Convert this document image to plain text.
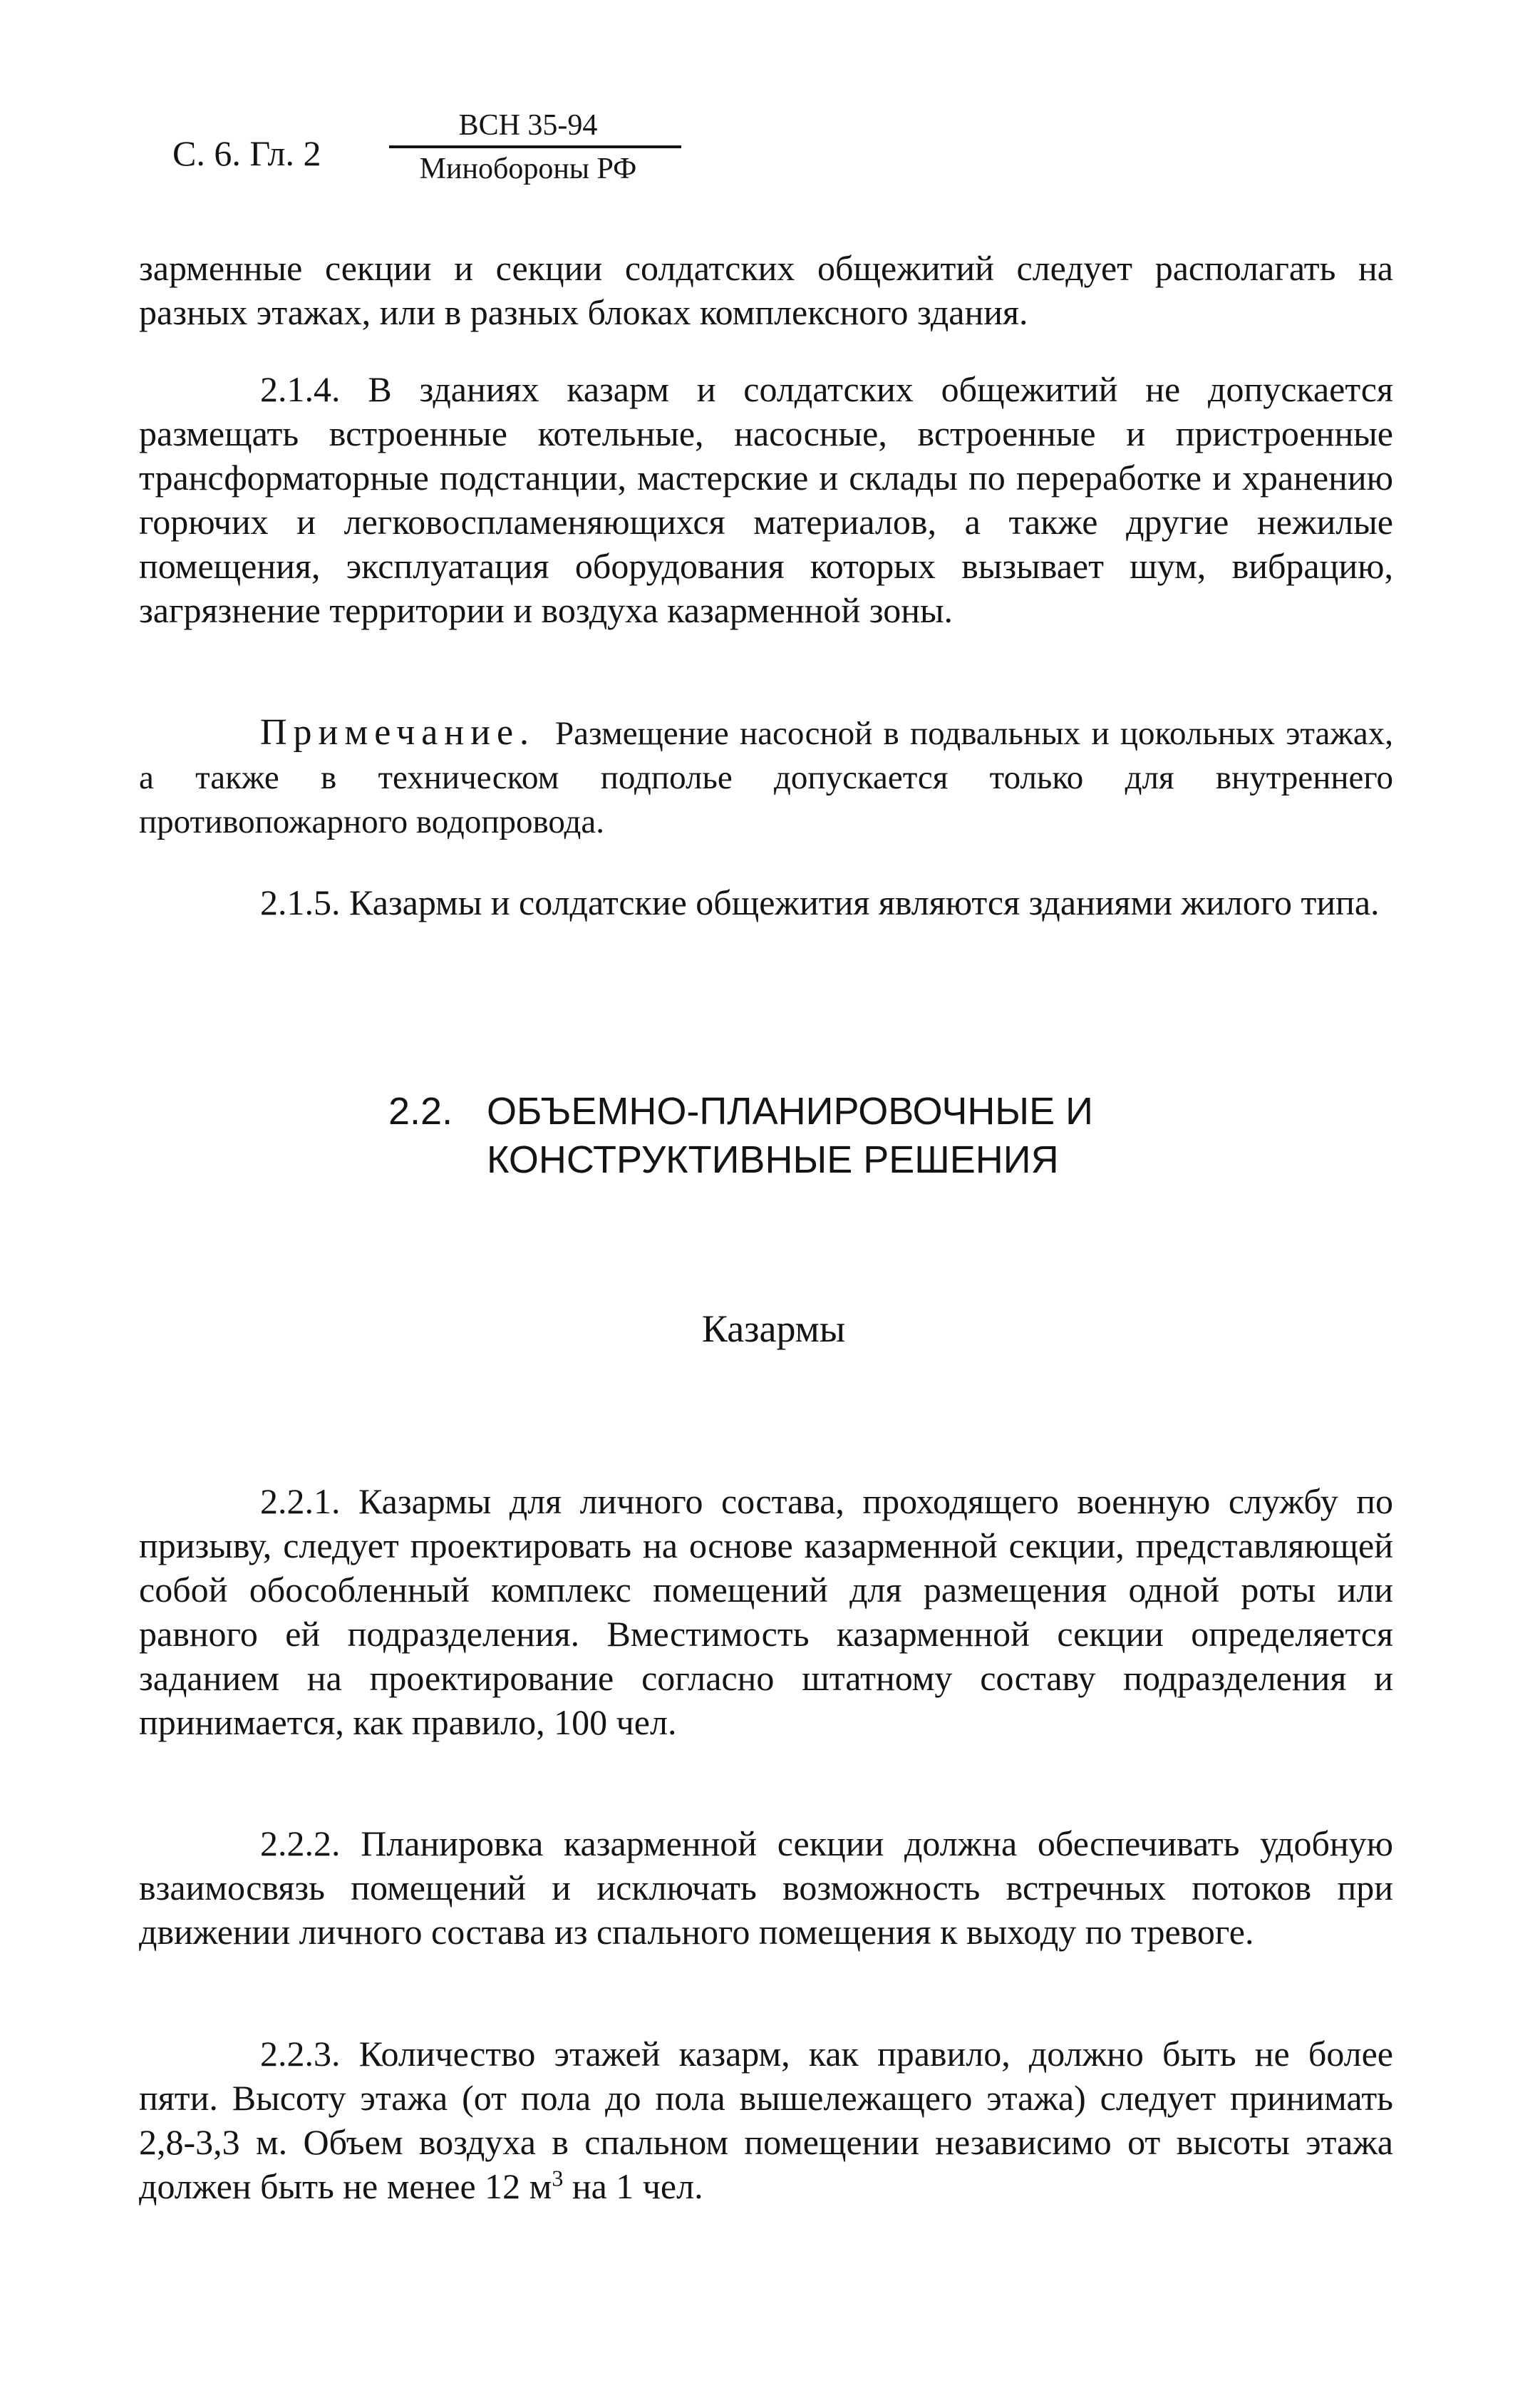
С. 6. Гл. 2
ВСН 35-94
Минобороны РФ

зарменные секции и секции солдатских общежитий следует располагать на разных этажах, или в разных блоках комплексного здания.

2.1.4. В зданиях казарм и солдатских общежитий не допускается размещать встроенные котельные, насосные, встроенные и пристроенные трансформаторные подстанции, мастерские и склады по переработке и хранению горючих и легковоспламеняющихся материалов, а также другие нежилые помещения, эксплуатация оборудования которых вызывает шум, вибрацию, загрязнение территории и воздуха казарменной зоны.

Примечание. Размещение насосной в подвальных и цокольных этажах, а также в техническом подполье допускается только для внутреннего противопожарного водопровода.

2.1.5. Казармы и солдатские общежития являются зданиями жилого типа.

2.2. ОБЪЕМНО-ПЛАНИРОВОЧНЫЕ И
КОНСТРУКТИВНЫЕ РЕШЕНИЯ
Казармы

2.2.1. Казармы для личного состава, проходящего военную службу по призыву, следует проектировать на основе казарменной секции, представляющей собой обособленный комплекс помещений для размещения одной роты или равного ей подразделения. Вместимость казарменной секции определяется заданием на проектирование согласно штатному составу подразделения и принимается, как правило, 100 чел.

2.2.2. Планировка казарменной секции должна обеспечивать удобную взаимосвязь помещений и исключать возможность встречных потоков при движении личного состава из спального помещения к выходу по тревоге.

2.2.3. Количество этажей казарм, как правило, должно быть не более пяти. Высоту этажа (от пола до пола вышележащего этажа) следует принимать 2,8-3,3 м. Объем воздуха в спальном помещении независимо от высоты этажа должен быть не менее 12 $м^3$ на 1 чел.
